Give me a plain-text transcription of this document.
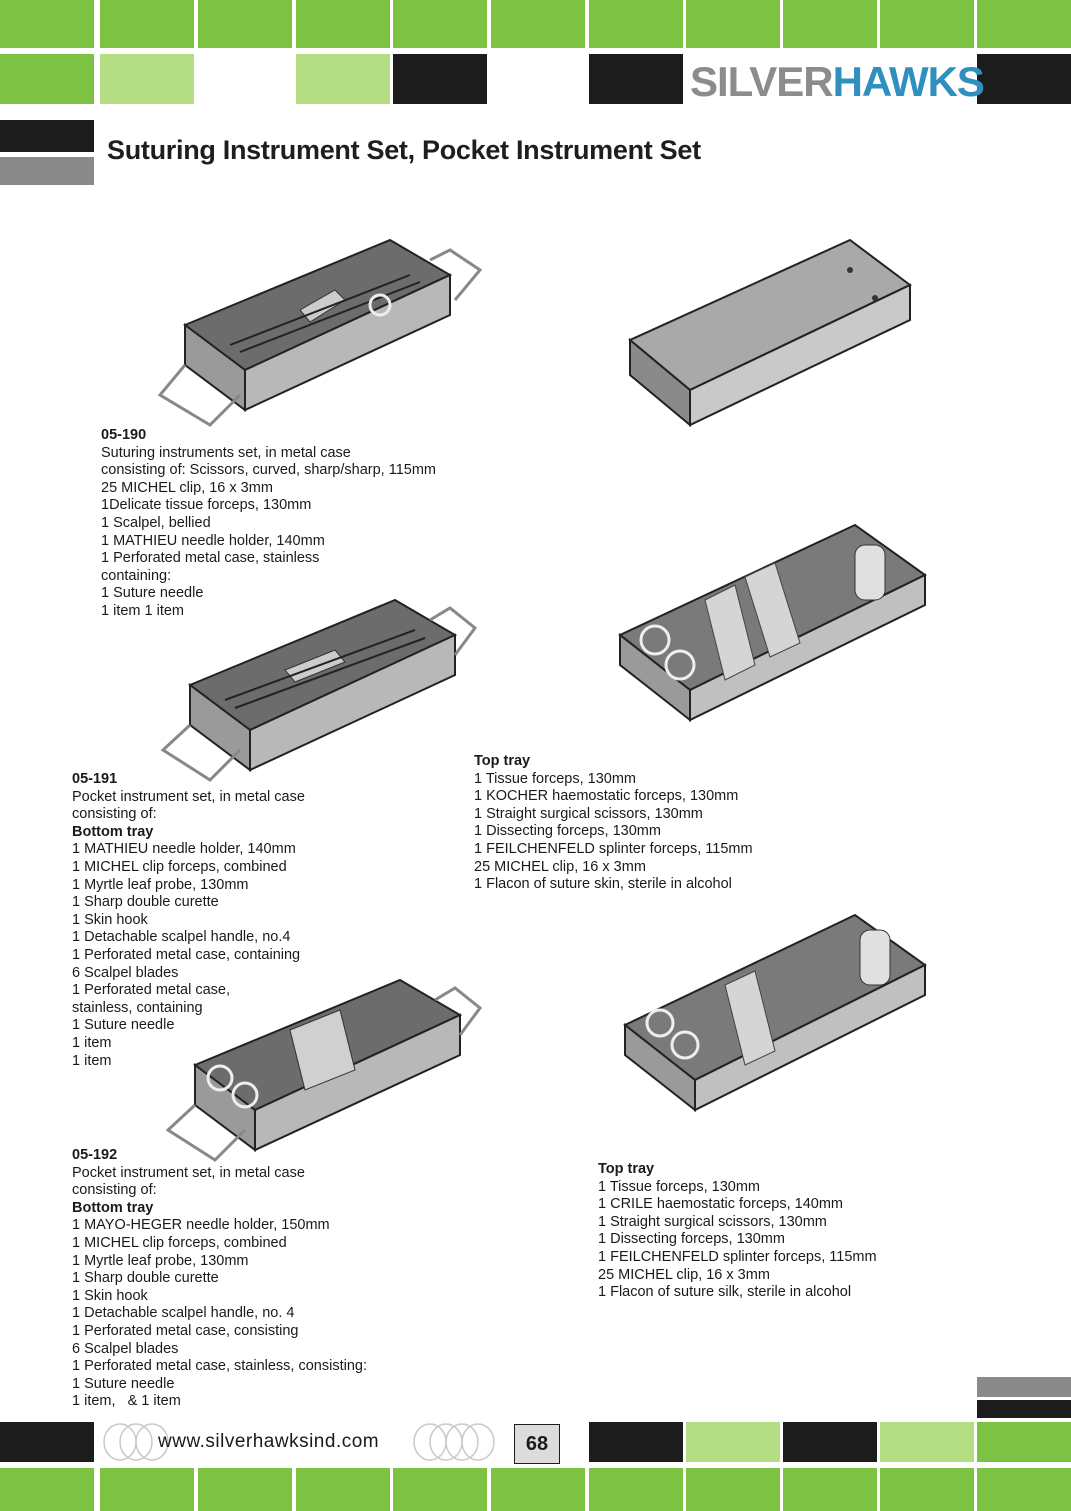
SILVERHAWKS
Suturing Instrument Set, Pocket Instrument Set
05-190
Suturing instruments set, in metal case
consisting of: Scissors, curved, sharp/sharp, 115mm
25 MICHEL clip, 16 x 3mm
1Delicate tissue forceps, 130mm
1 Scalpel, bellied
1 MATHIEU needle holder, 140mm
1 Perforated metal case, stainless
containing:
1 Suture needle
1 item 1 item
05-191
Pocket instrument set, in metal case
consisting of:
Bottom tray
1 MATHIEU needle holder, 140mm
1 MICHEL clip forceps, combined
1 Myrtle leaf probe, 130mm
1 Sharp double curette
1 Skin hook
1 Detachable scalpel handle, no.4
1 Perforated metal case, containing
6 Scalpel blades
1 Perforated metal case,
stainless, containing
1 Suture needle
1 item
1 item
Top tray
1 Tissue forceps, 130mm
1 KOCHER haemostatic forceps, 130mm
1 Straight surgical scissors, 130mm
1 Dissecting forceps, 130mm
1 FEILCHENFELD splinter forceps, 115mm
25 MICHEL clip, 16 x 3mm
1 Flacon of suture skin, sterile in alcohol
05-192
Pocket instrument set, in metal case
consisting of:
Bottom tray
1 MAYO-HEGER needle holder, 150mm
1 MICHEL clip forceps, combined
1 Myrtle leaf probe, 130mm
1 Sharp double curette
1 Skin hook
1 Detachable scalpel handle, no. 4
1 Perforated metal case, consisting
6 Scalpel blades
1 Perforated metal case, stainless, consisting:
1 Suture needle
1 item,   & 1 item
Top tray
1 Tissue forceps, 130mm
1 CRILE haemostatic forceps, 140mm
1 Straight surgical scissors, 130mm
1 Dissecting forceps, 130mm
1 FEILCHENFELD splinter forceps, 115mm
25 MICHEL clip, 16 x 3mm
1 Flacon of suture silk, sterile in alcohol
www.silverhawksind.com	68
